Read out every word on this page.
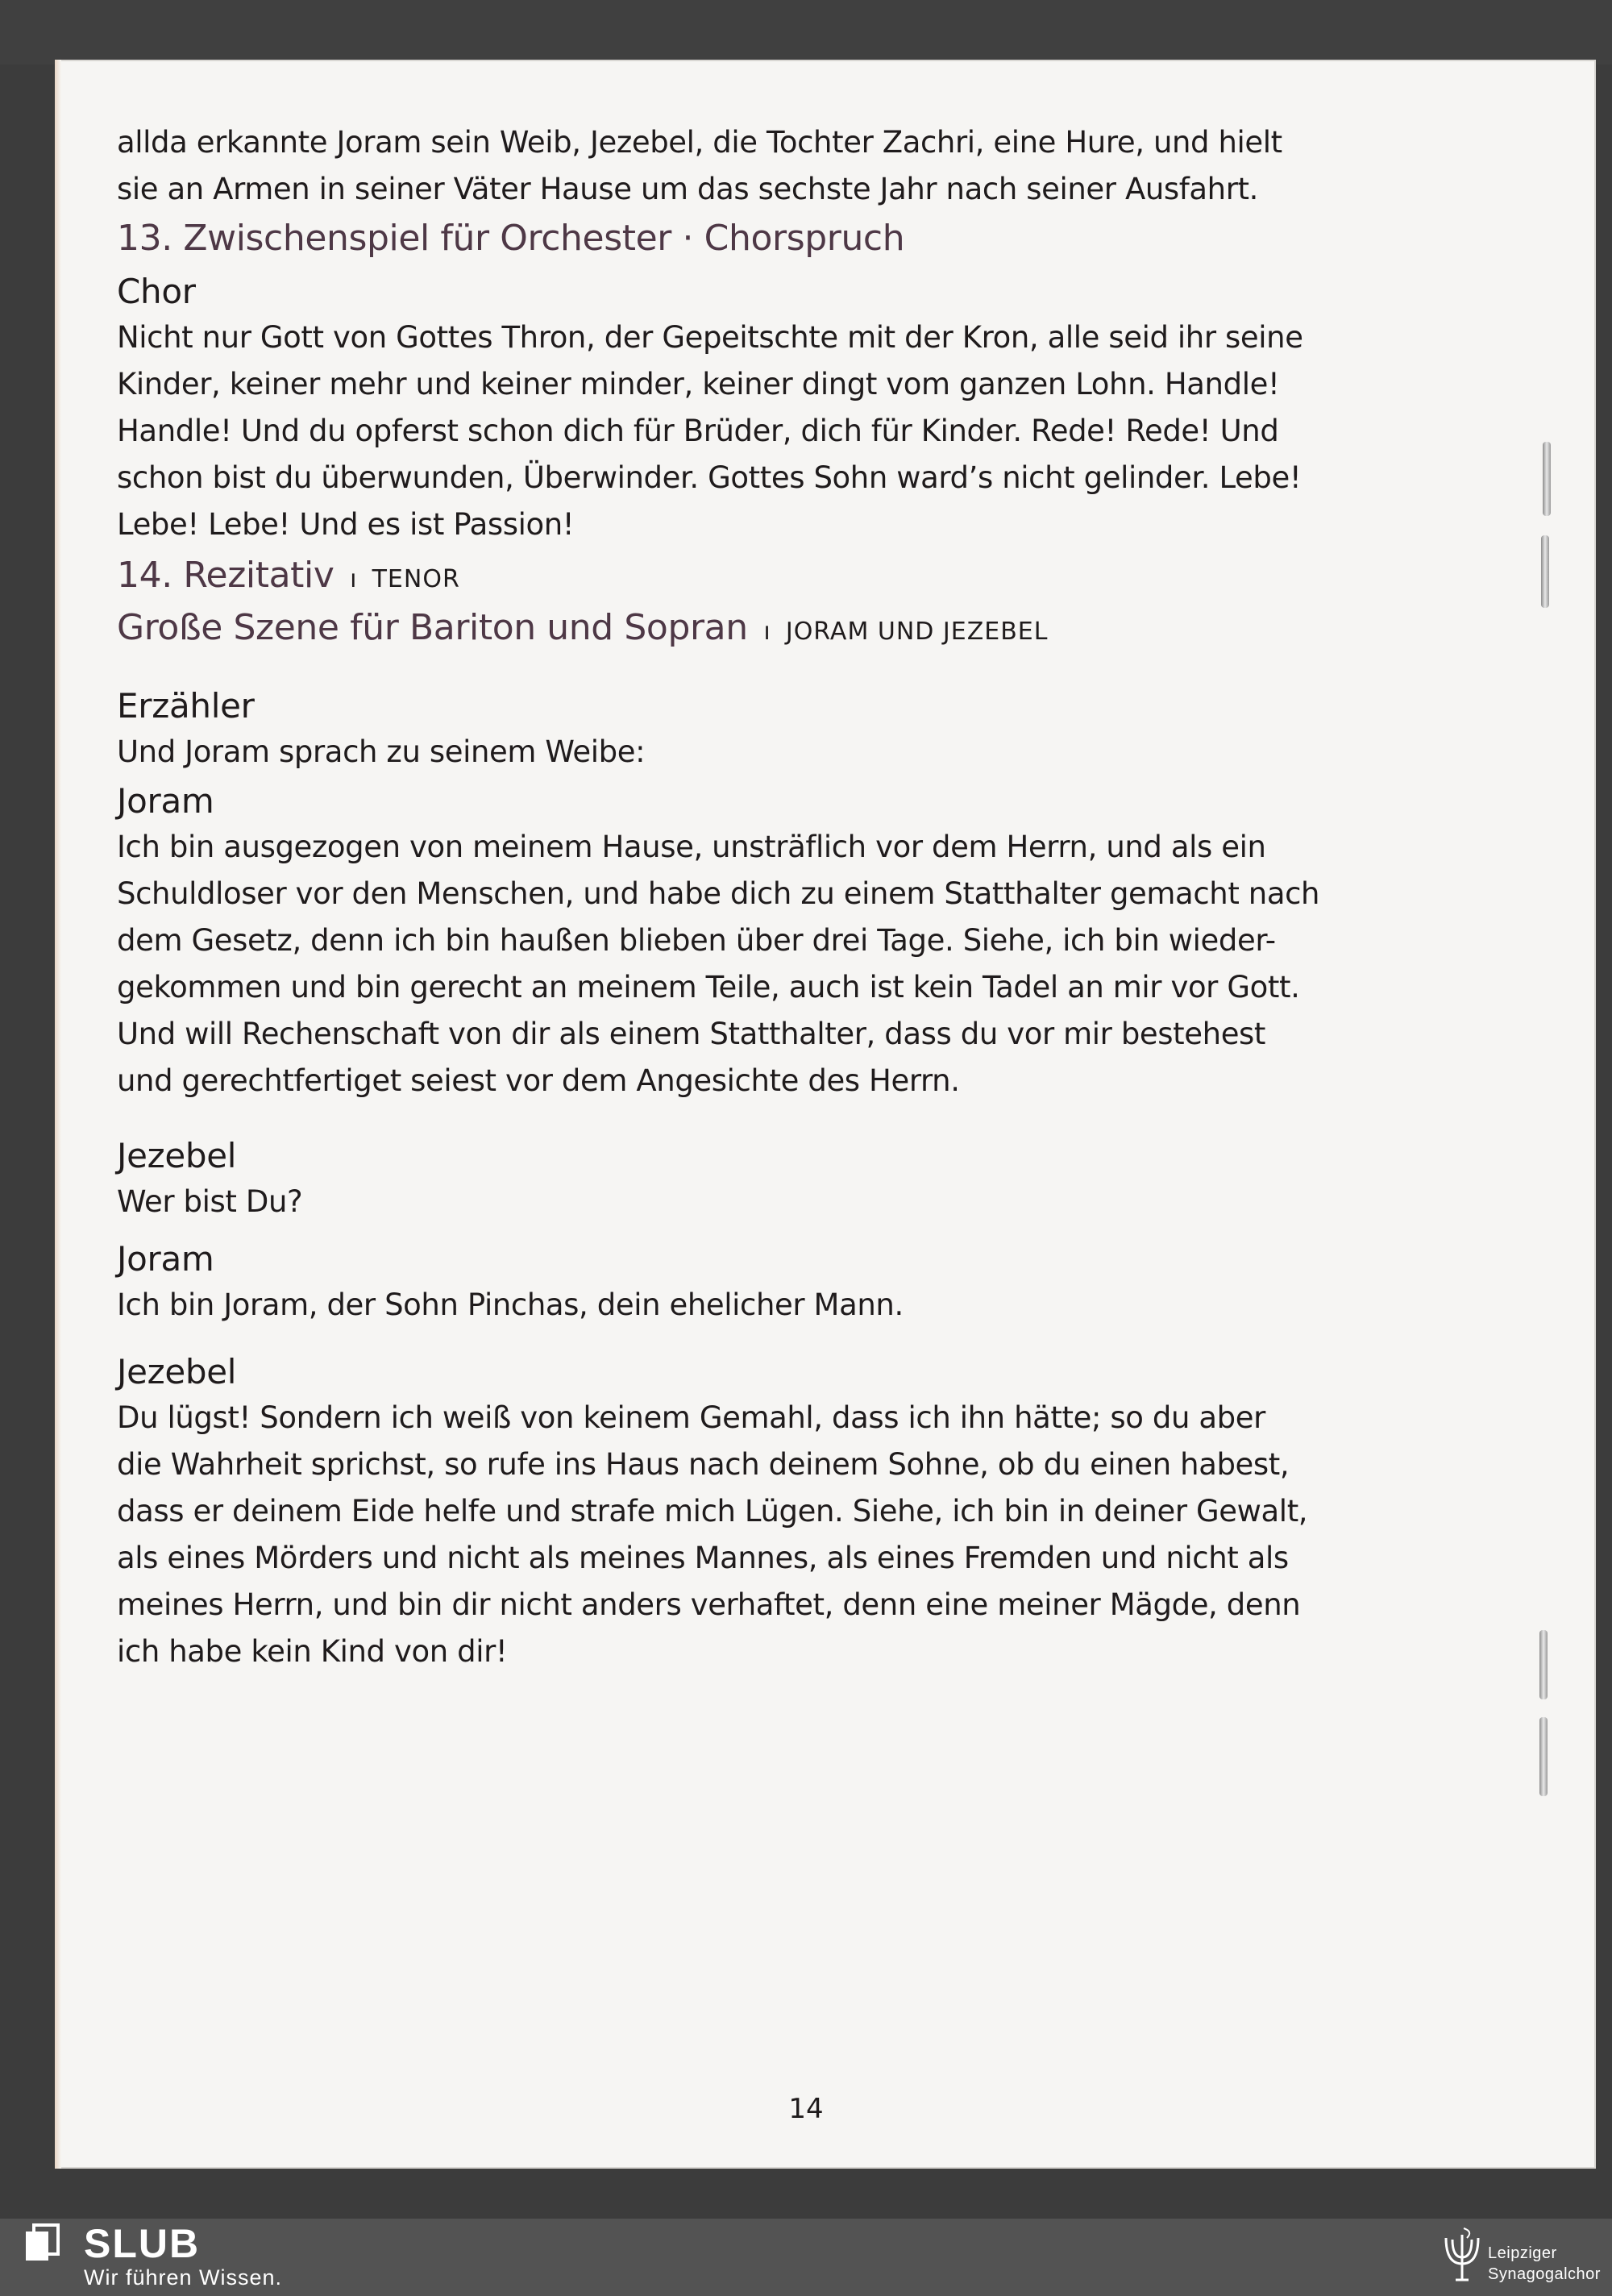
allda erkannte Joram sein Weib, Jezebel, die Tochter Zachri, eine Hure, und hielt

sie an Armen in seiner Väter Hause um das sechste Jahr nach seiner Ausfahrt.

13. Zwischenspiel für Orchester · Chorspruch

Chor

Nicht nur Gott von Gottes Thron, der Gepeitschte mit der Kron, alle seid ihr seine

Kinder, keiner mehr und keiner minder, keiner dingt vom ganzen Lohn. Handle!

Handle! Und du opferst schon dich für Brüder, dich für Kinder. Rede! Rede! Und

schon bist du überwunden, Überwinder. Gottes Sohn ward’s nicht gelinder. Lebe!

Lebe! Lebe! Und es ist Passion!

14. Rezitativ ı TENOR

Große Szene für Bariton und Sopran ı JORAM UND JEZEBEL

Erzähler

Und Joram sprach zu seinem Weibe:

Joram

Ich bin ausgezogen von meinem Hause, unsträflich vor dem Herrn, und als ein

Schuldloser vor den Menschen, und habe dich zu einem Statthalter gemacht nach

dem Gesetz, denn ich bin haußen blieben über drei Tage. Siehe, ich bin wieder-

gekommen und bin gerecht an meinem Teile, auch ist kein Tadel an mir vor Gott.

Und will Rechenschaft von dir als einem Statthalter, dass du vor mir bestehest

und gerechtfertiget seiest vor dem Angesichte des Herrn.

Jezebel

Wer bist Du?

Joram

Ich bin Joram, der Sohn Pinchas, dein ehelicher Mann.

Jezebel

Du lügst! Sondern ich weiß von keinem Gemahl, dass ich ihn hätte; so du aber

die Wahrheit sprichst, so rufe ins Haus nach deinem Sohne, ob du einen habest,

dass er deinem Eide helfe und strafe mich Lügen. Siehe, ich bin in deiner Gewalt,

als eines Mörders und nicht als meines Mannes, als eines Fremden und nicht als

meines Herrn, und bin dir nicht anders verhaftet, denn eine meiner Mägde, denn

ich habe kein Kind von dir!

14
SLUB
Wir führen Wissen.
Leipziger
Synagogalchor
